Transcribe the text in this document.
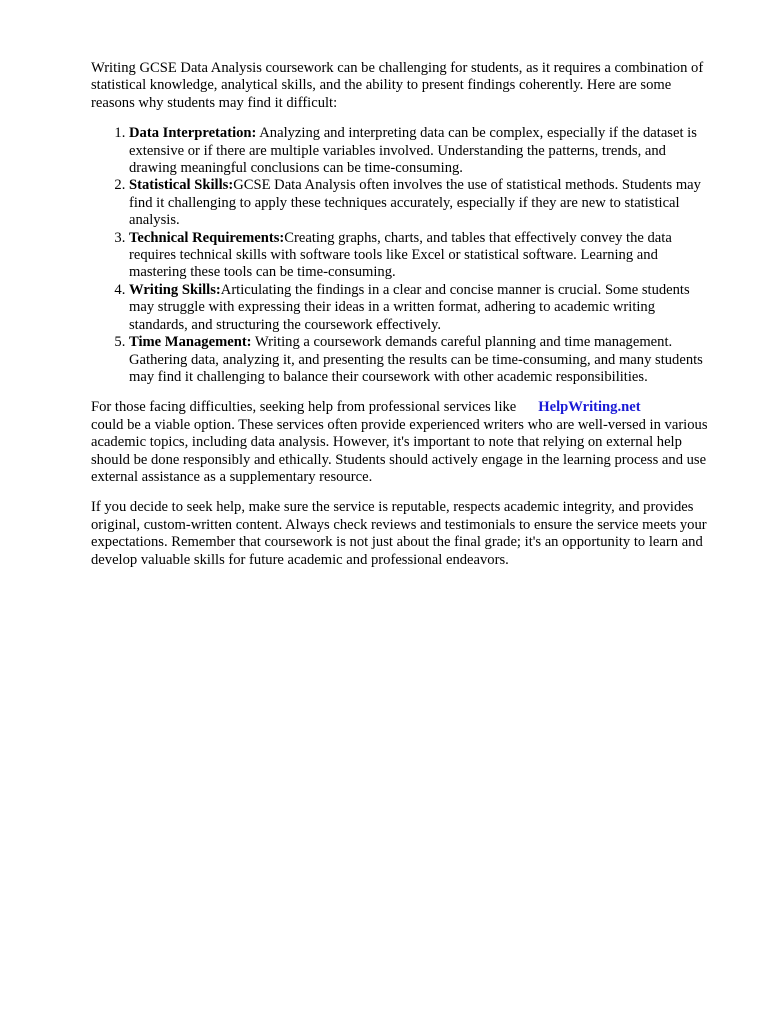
Writing GCSE Data Analysis coursework can be challenging for students, as it requires a combination of statistical knowledge, analytical skills, and the ability to present findings coherently. Here are some reasons why students may find it difficult:

1. Data Interpretation: Analyzing and interpreting data can be complex, especially if the dataset is extensive or if there are multiple variables involved. Understanding the patterns, trends, and drawing meaningful conclusions can be time-consuming.
2. Statistical Skills:GCSE Data Analysis often involves the use of statistical methods. Students may find it challenging to apply these techniques accurately, especially if they are new to statistical analysis.
3. Technical Requirements:Creating graphs, charts, and tables that effectively convey the data requires technical skills with software tools like Excel or statistical software. Learning and mastering these tools can be time-consuming.
4. Writing Skills:Articulating the findings in a clear and concise manner is crucial. Some students may struggle with expressing their ideas in a written format, adhering to academic writing standards, and structuring the coursework effectively.
5. Time Management: Writing a coursework demands careful planning and time management. Gathering data, analyzing it, and presenting the results can be time-consuming, and many students may find it challenging to balance their coursework with other academic responsibilities.

For those facing difficulties, seeking help from professional services like HelpWriting.net
could be a viable option. These services often provide experienced writers who are well-versed in various academic topics, including data analysis. However, it's important to note that relying on external help should be done responsibly and ethically. Students should actively engage in the learning process and use external assistance as a supplementary resource.

If you decide to seek help, make sure the service is reputable, respects academic integrity, and provides original, custom-written content. Always check reviews and testimonials to ensure the service meets your expectations. Remember that coursework is not just about the final grade; it's an opportunity to learn and develop valuable skills for future academic and professional endeavors.
